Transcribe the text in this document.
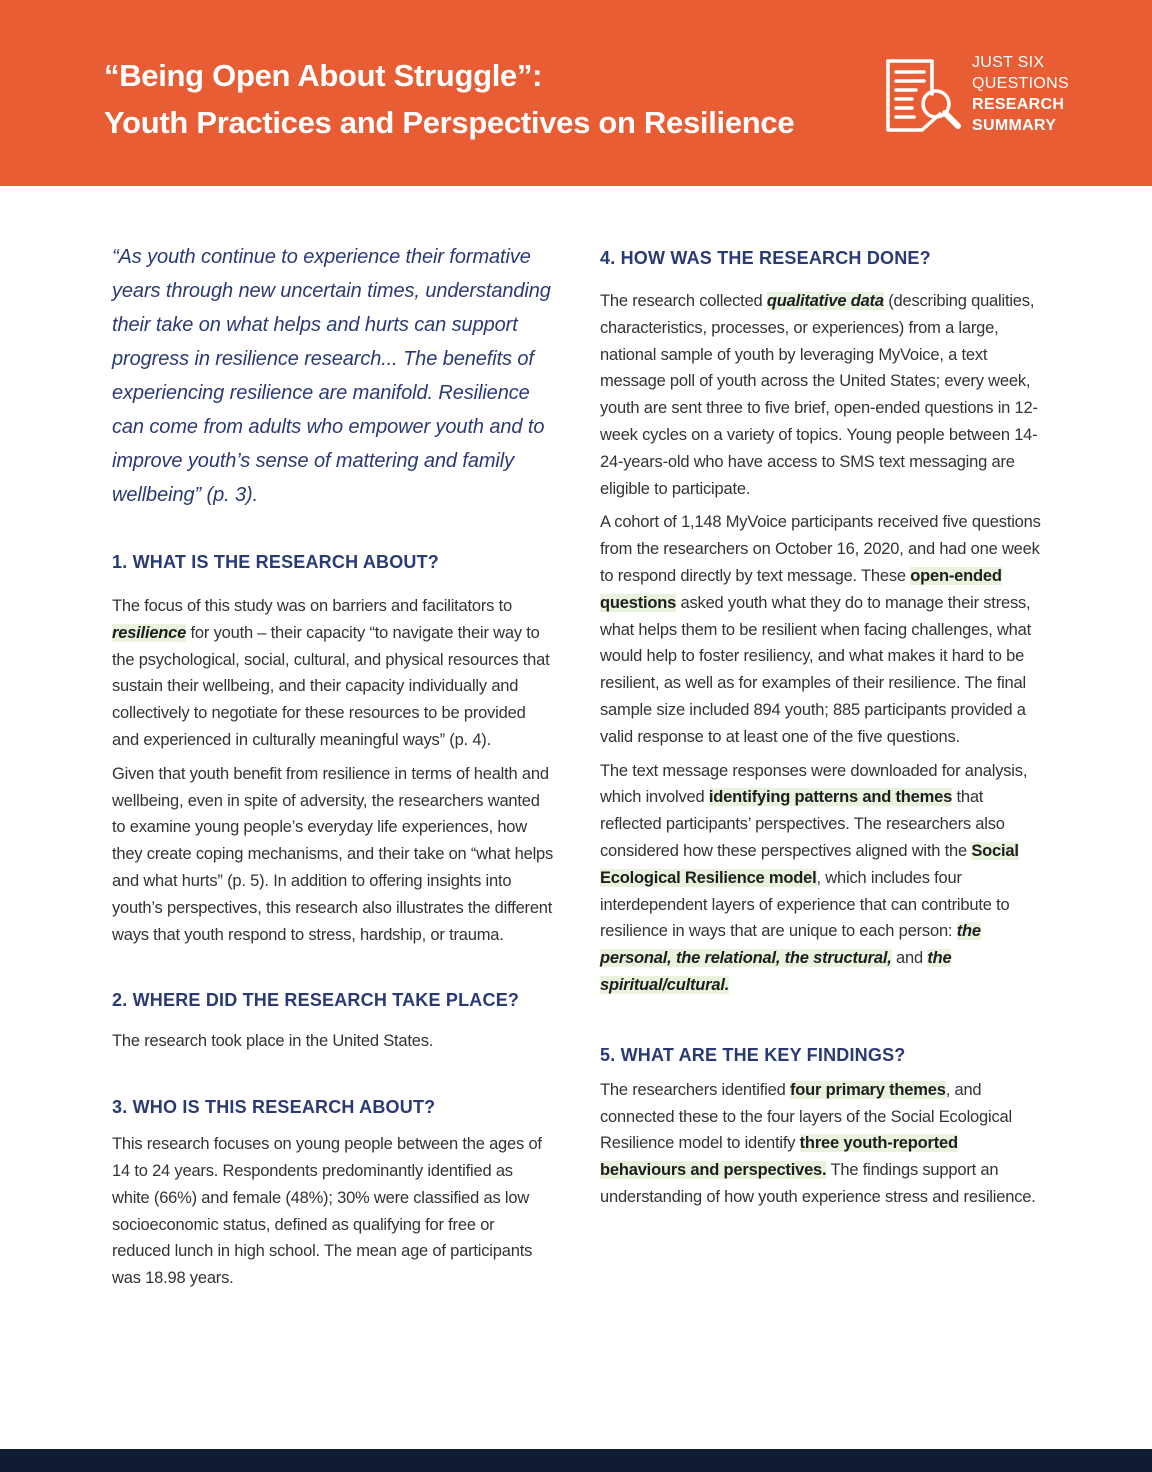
“Being Open About Struggle”:
Youth Practices and Perspectives on Resilience
JUST SIX
QUESTIONS
RESEARCH
SUMMARY

“As youth continue to experience their formative years through new uncertain times, understanding their take on what helps and hurts can support progress in resilience research... The benefits of experiencing resilience are manifold. Resilience can come from adults who empower youth and to improve youth’s sense of mattering and family wellbeing” (p. 3).

1. WHAT IS THE RESEARCH ABOUT?

The focus of this study was on barriers and facilitators to resilience for youth – their capacity “to navigate their way to the psychological, social, cultural, and physical resources that sustain their wellbeing, and their capacity individually and collectively to negotiate for these resources to be provided and experienced in culturally meaningful ways” (p. 4).

Given that youth benefit from resilience in terms of health and wellbeing, even in spite of adversity, the researchers wanted to examine young people’s everyday life experiences, how they create coping mechanisms, and their take on “what helps and what hurts” (p. 5). In addition to offering insights into youth’s perspectives, this research also illustrates the different ways that youth respond to stress, hardship, or trauma.

2. WHERE DID THE RESEARCH TAKE PLACE?

The research took place in the United States.

3. WHO IS THIS RESEARCH ABOUT?

This research focuses on young people between the ages of 14 to 24 years. Respondents predominantly identified as white (66%) and female (48%); 30% were classified as low socioeconomic status, defined as qualifying for free or reduced lunch in high school. The mean age of participants was 18.98 years.

4. HOW WAS THE RESEARCH DONE?

The research collected qualitative data (describing qualities, characteristics, processes, or experiences) from a large, national sample of youth by leveraging MyVoice, a text message poll of youth across the United States; every week, youth are sent three to five brief, open-ended questions in 12-week cycles on a variety of topics. Young people between 14-24-years-old who have access to SMS text messaging are eligible to participate.

A cohort of 1,148 MyVoice participants received five questions from the researchers on October 16, 2020, and had one week to respond directly by text message. These open-ended questions asked youth what they do to manage their stress, what helps them to be resilient when facing challenges, what would help to foster resiliency, and what makes it hard to be resilient, as well as for examples of their resilience. The final sample size included 894 youth; 885 participants provided a valid response to at least one of the five questions.

The text message responses were downloaded for analysis, which involved identifying patterns and themes that reflected participants’ perspectives. The researchers also considered how these perspectives aligned with the Social Ecological Resilience model, which includes four interdependent layers of experience that can contribute to resilience in ways that are unique to each person: the personal, the relational, the structural, and the spiritual/cultural.

5. WHAT ARE THE KEY FINDINGS?

The researchers identified four primary themes, and connected these to the four layers of the Social Ecological Resilience model to identify three youth-reported behaviours and perspectives. The findings support an understanding of how youth experience stress and resilience.
